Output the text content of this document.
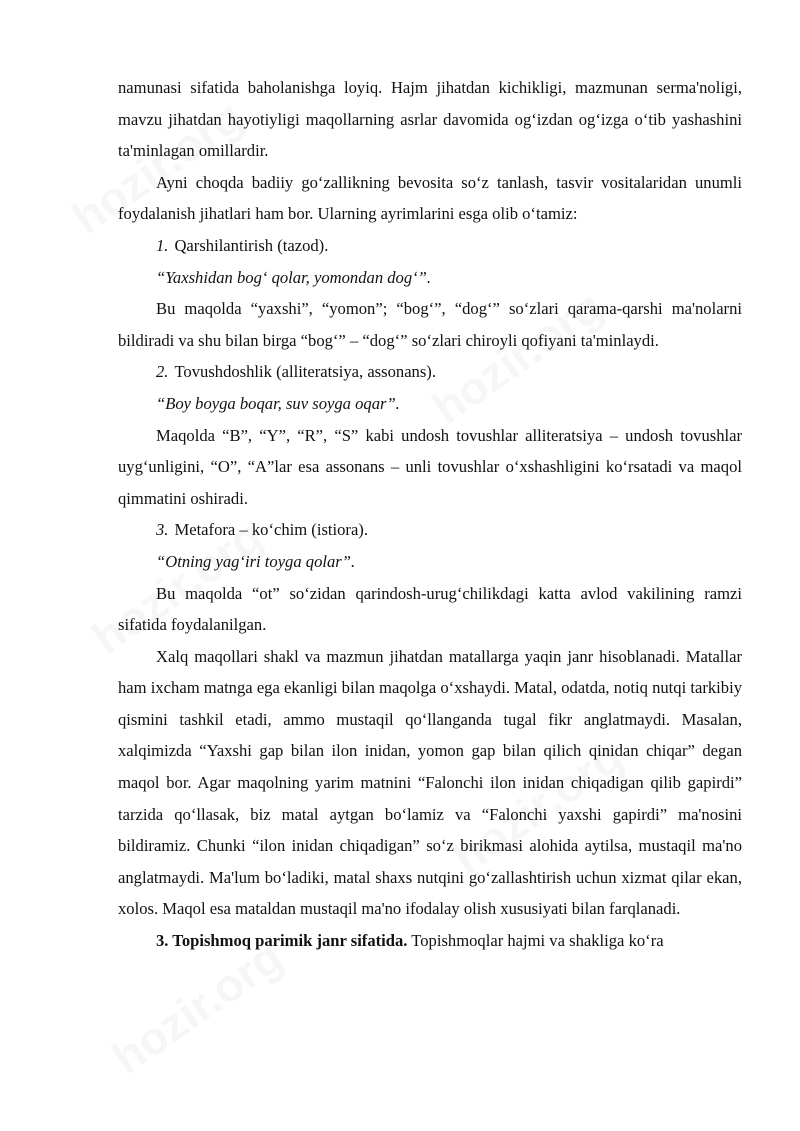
namunasi sifatida baholanishga loyiq. Hajm jihatdan kichikligi, mazmunan serma'noligi, mavzu jihatdan hayotiyligi maqollarning asrlar davomida og‘izdan og‘izga o‘tib yashashini ta'minlagan omillardir.

Ayni choqda badiiy go‘zallikning bevosita so‘z tanlash, tasvir vositalaridan unumli foydalanish jihatlari ham bor. Ularning ayrimlarini esga olib o‘tamiz:

1. Qarshilantirish (tazod).

“Yaxshidan bog‘ qolar, yomondan dog‘”.

Bu maqolda “yaxshi”, “yomon”; “bog‘”, “dog‘” so‘zlari qarama-qarshi ma'nolarni bildiradi va shu bilan birga “bog‘” – “dog‘” so‘zlari chiroyli qofiyani ta'minlaydi.

2. Tovushdoshlik (alliteratsiya, assonans).

“Boy boyga boqar, suv soyga oqar”.

Maqolda “B”, “Y”, “R”, “S” kabi undosh tovushlar alliteratsiya – undosh tovushlar uyg‘unligini, “O”, “A”lar esa assonans – unli tovushlar o‘xshashligini ko‘rsatadi va maqol qimmatini oshiradi.

3. Metafora – ko‘chim (istiora).

“Otning yag‘iri toyga qolar”.

Bu maqolda “ot” so‘zidan qarindosh-urug‘chilikdagi katta avlod vakilining ramzi sifatida foydalanilgan.

Xalq maqollari shakl va mazmun jihatdan matallarga yaqin janr hisoblanadi. Matallar ham ixcham matnga ega ekanligi bilan maqolga o‘xshaydi. Matal, odatda, notiq nutqi tarkibiy qismini tashkil etadi, ammo mustaqil qo‘llanganda tugal fikr anglatmaydi. Masalan, xalqimizda “Yaxshi gap bilan ilon inidan, yomon gap bilan qilich qinidan chiqar” degan maqol bor. Agar maqolning yarim matnini “Falonchi ilon inidan chiqadigan qilib gapirdi” tarzida qo‘llasak, biz matal aytgan bo‘lamiz va “Falonchi yaxshi gapirdi” ma'nosini bildiramiz. Chunki “ilon inidan chiqadigan” so‘z birikmasi alohida aytilsa, mustaqil ma'no anglatmaydi. Ma'lum bo‘ladiki, matal shaxs nutqini go‘zallashtirish uchun xizmat qilar ekan, xolos. Maqol esa mataldan mustaqil ma'no ifodalay olish xususiyati bilan farqlanadi.

3. Topishmoq parimik janr sifatida. Topishmoqlar hajmi va shakliga ko‘ra
